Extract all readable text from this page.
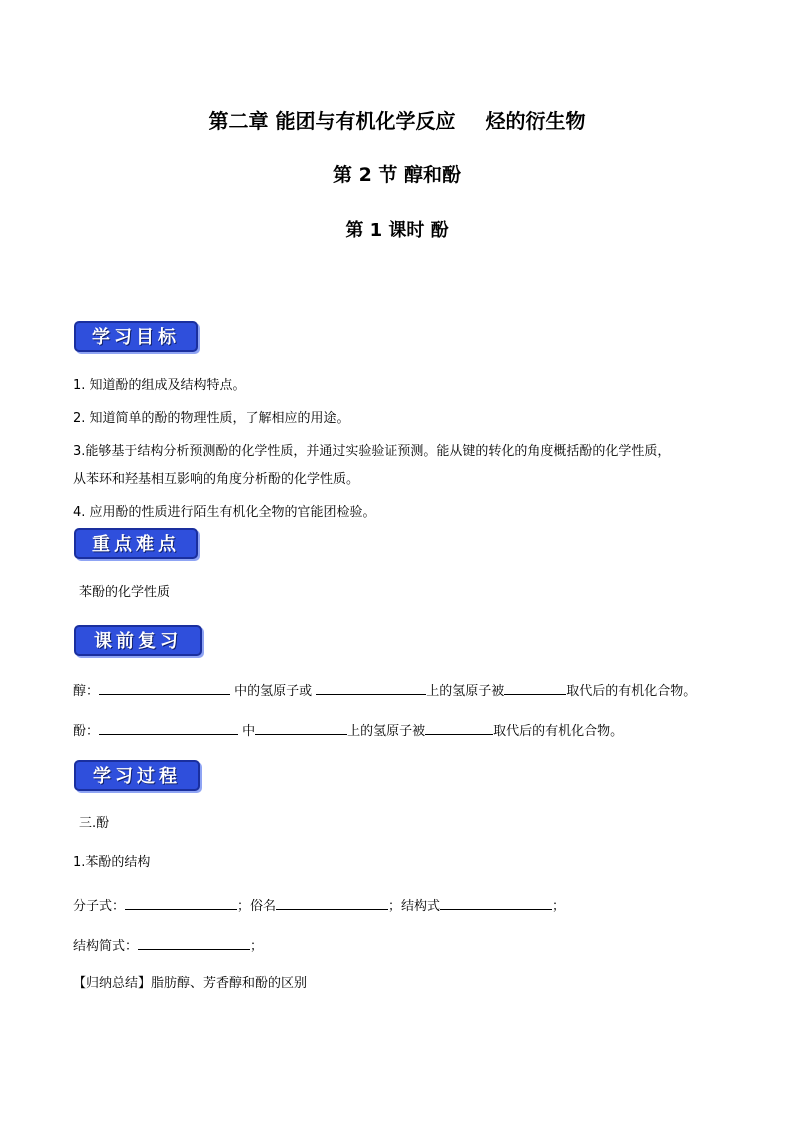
第二章 能团与有机化学反应 烃的衍生物
第 2 节 醇和酚
第 1 课时 酚
学习目标
1. 知道酚的组成及结构特点。
2. 知道简单的酚的物理性质，了解相应的用途。
3.能够基于结构分析预测酚的化学性质，并通过实验验证预测。能从键的转化的角度概括酚的化学性质，
从苯环和羟基相互影响的角度分析酚的化学性质。
4. 应用酚的性质进行陌生有机化全物的官能团检验。
重点难点
苯酚的化学性质
课前复习
醇：	中的氢原子或	上的氢原子被	取代后的有机化合物。
酚：	中	上的氢原子被	取代后的有机化合物。
学习过程
三.酚
1.苯酚的结构
分子式：	；俗名	；结构式	；
结构简式：	；
【归纳总结】脂肪醇、芳香醇和酚的区别
